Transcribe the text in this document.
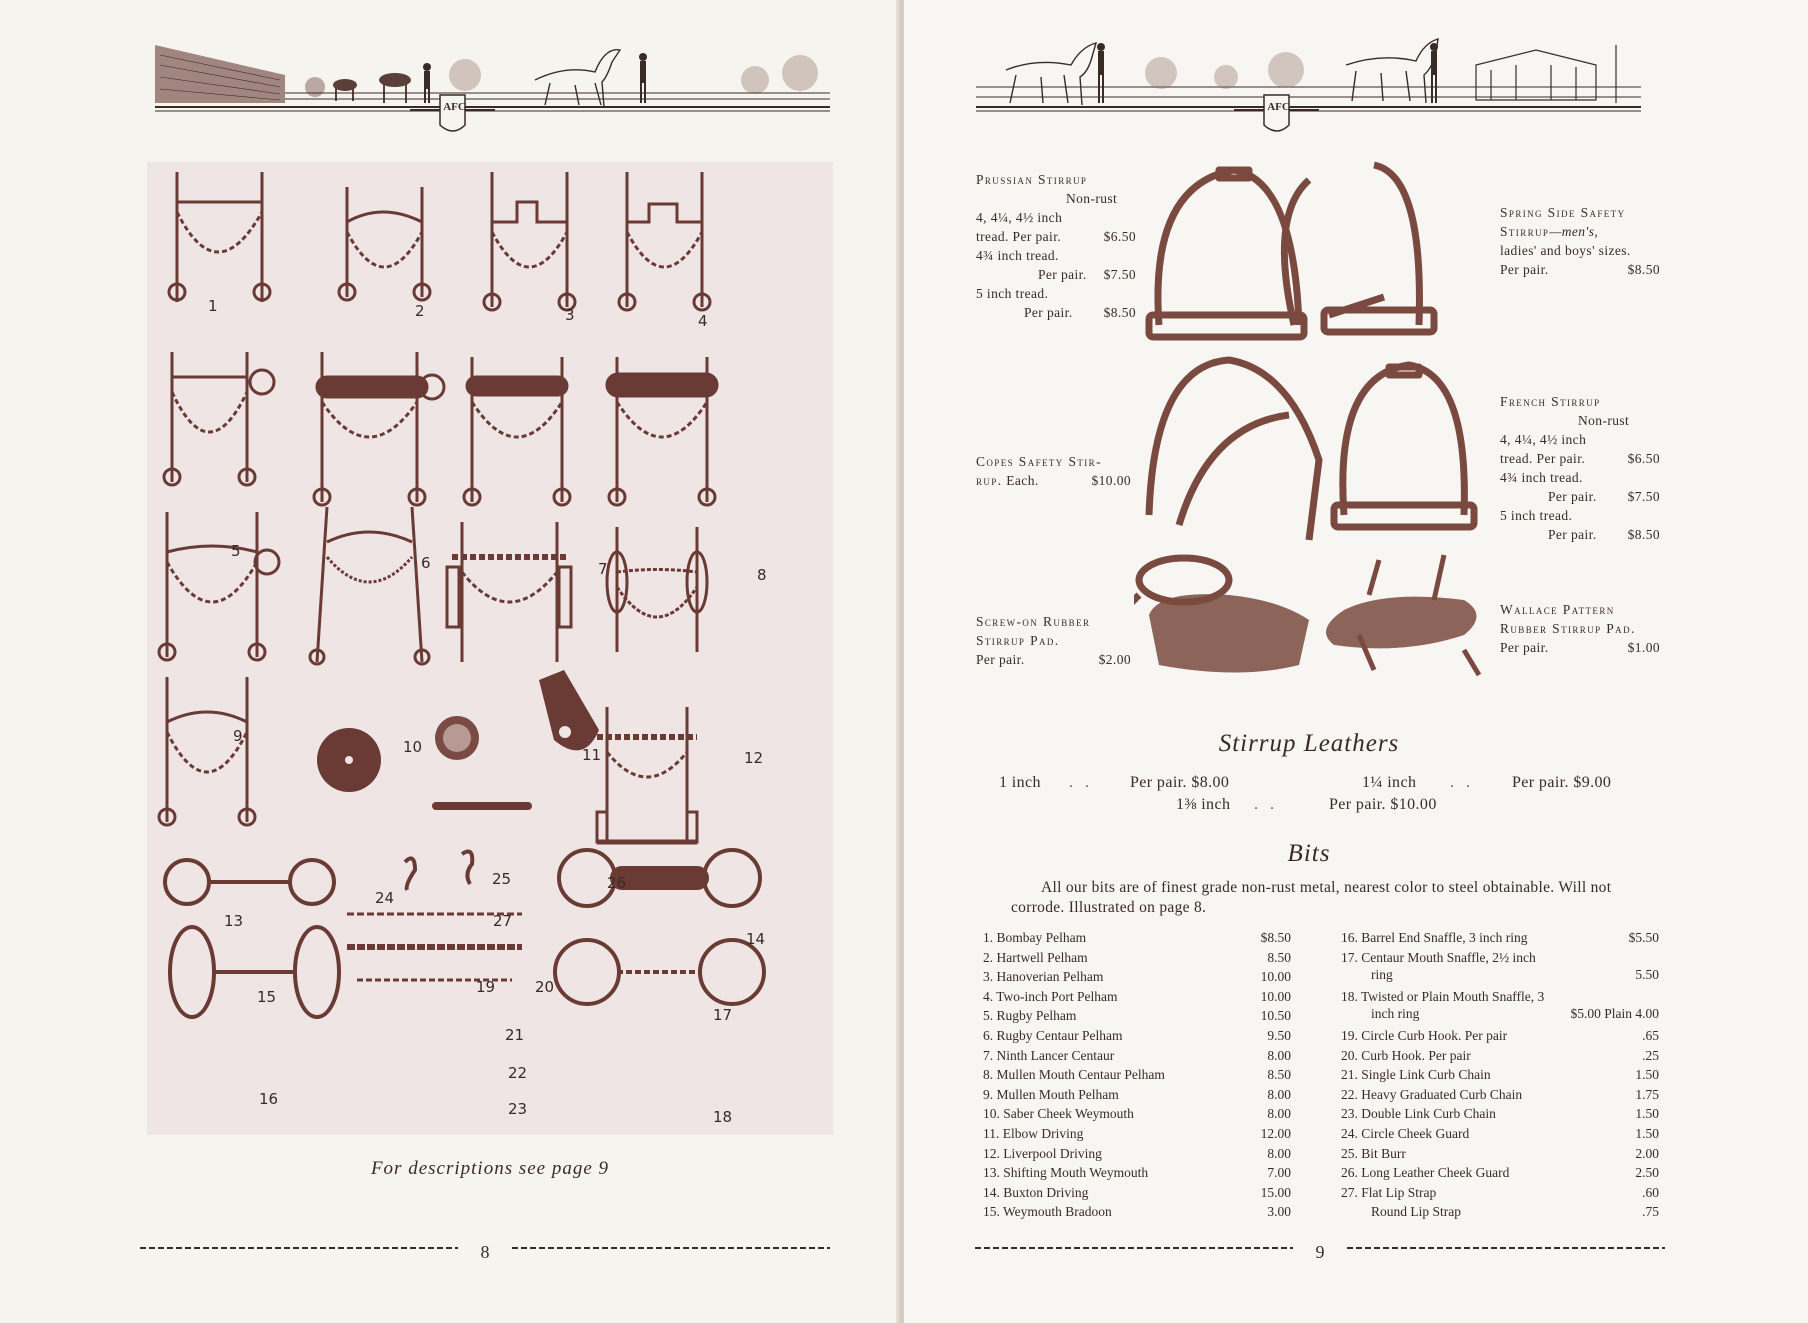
AFC
1	2	3	4
5
6	7	8
9
10	11	12
13
14
15
16
17
18
19	20
21
22
23
24
25	26
27
For descriptions see page 9
8
AFC
Prussian Stirrup
Non-rust
4, 4¼, 4½ inch
tread. Per pair.	$6.50
4¾ inch tread.
Per pair. $7.50
5 inch tread.
Per pair. $8.50
Spring Side Safety
Stirrup—men's,
ladies' and boys' sizes.
Per pair.	$8.50
Copes Safety Stir-
rup. Each.	$10.00
French Stirrup
Non-rust
4, 4¼, 4½ inch
tread. Per pair.	$6.50
4¾ inch tread.
Per pair. $7.50
5 inch tread.
Per pair. $8.50
Screw-on Rubber
Stirrup Pad.
Per pair.	$2.00
Wallace Pattern
Rubber Stirrup Pad.
Per pair.	$1.00
Stirrup Leathers
1 inch . . Per pair. $8.00	1¼ inch . . Per pair. $9.00
1⅜ inch . .	Per pair. $10.00
Bits
All our bits are of finest grade non-rust metal, nearest color to steel obtainable. Will not corrode. Illustrated on page 8.
1. Bombay Pelham	$8.50
2. Hartwell Pelham	8.50
3. Hanoverian Pelham	10.00
4. Two-inch Port Pelham	10.00
5. Rugby Pelham	10.50
6. Rugby Centaur Pelham	9.50
7. Ninth Lancer Centaur	8.00
8. Mullen Mouth Centaur Pelham	8.50
9. Mullen Mouth Pelham	8.00
10. Saber Cheek Weymouth	8.00
11. Elbow Driving	12.00
12. Liverpool Driving	8.00
13. Shifting Mouth Weymouth	7.00
14. Buxton Driving	15.00
15. Weymouth Bradoon	3.00
16. Barrel End Snaffle, 3 inch ring	$5.50
17. Centaur Mouth Snaffle, 2½ inch
ring	5.50
18. Twisted or Plain Mouth Snaffle, 3
inch ring	$5.00 Plain 4.00
19. Circle Curb Hook. Per pair	.65
20. Curb Hook. Per pair	.25
21. Single Link Curb Chain	1.50
22. Heavy Graduated Curb Chain	1.75
23. Double Link Curb Chain	1.50
24. Circle Cheek Guard	1.50
25. Bit Burr	2.00
26. Long Leather Cheek Guard	2.50
27. Flat Lip Strap	.60
Round Lip Strap	.75
9
